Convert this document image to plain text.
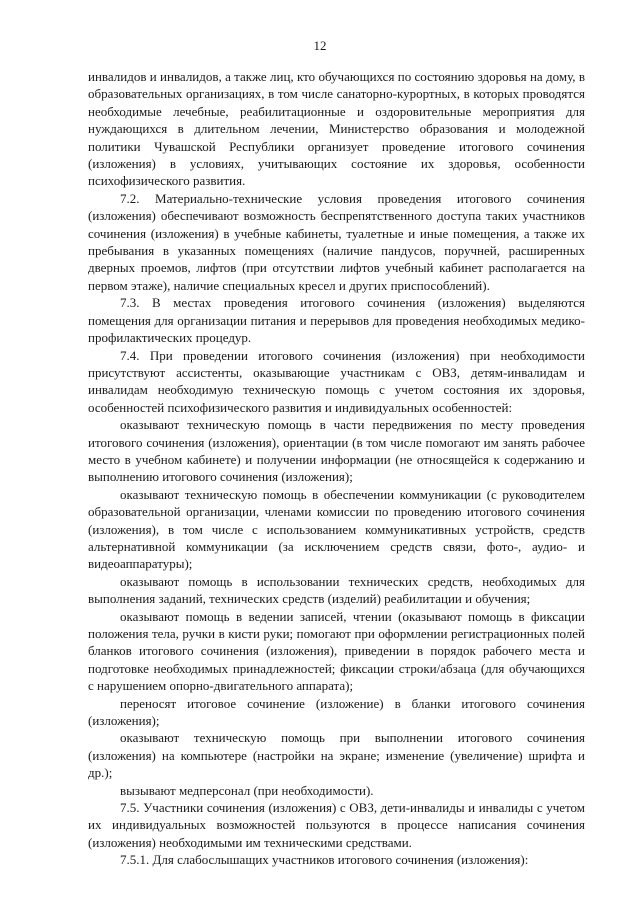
12

инвалидов и инвалидов, а также лиц, кто обучающихся по состоянию здоровья на дому, в образовательных организациях, в том числе санаторно-курортных, в которых проводятся необходимые лечебные, реабилитационные и оздоровительные мероприятия для нуждающихся в длительном лечении, Министерство образования и молодежной политики Чувашской Республики организует проведение итогового сочинения (изложения) в условиях, учитывающих состояние их здоровья, особенности психофизического развития.

7.2. Материально-технические условия проведения итогового сочинения (изложения) обеспечивают возможность беспрепятственного доступа таких участников сочинения (изложения) в учебные кабинеты, туалетные и иные помещения, а также их пребывания в указанных помещениях (наличие пандусов, поручней, расширенных дверных проемов, лифтов (при отсутствии лифтов учебный кабинет располагается на первом этаже), наличие специальных кресел и других приспособлений).

7.3. В местах проведения итогового сочинения (изложения) выделяются помещения для организации питания и перерывов для проведения необходимых медико-профилактических процедур.

7.4. При проведении итогового сочинения (изложения) при необходимости присутствуют ассистенты, оказывающие участникам с ОВЗ, детям-инвалидам и инвалидам необходимую техническую помощь с учетом состояния их здоровья, особенностей психофизического развития и индивидуальных особенностей:

оказывают техническую помощь в части передвижения по месту проведения итогового сочинения (изложения), ориентации (в том числе помогают им занять рабочее место в учебном кабинете) и получении информации (не относящейся к содержанию и выполнению итогового сочинения (изложения);

оказывают техническую помощь в обеспечении коммуникации (с руководителем образовательной организации, членами комиссии по проведению итогового сочинения (изложения), в том числе с использованием коммуникативных устройств, средств альтернативной коммуникации (за исключением средств связи, фото-, аудио- и видеоаппаратуры);

оказывают помощь в использовании технических средств, необходимых для выполнения заданий, технических средств (изделий) реабилитации и обучения;

оказывают помощь в ведении записей, чтении (оказывают помощь в фиксации положения тела, ручки в кисти руки; помогают при оформлении регистрационных полей бланков итогового сочинения (изложения), приведении в порядок рабочего места и подготовке необходимых принадлежностей; фиксации строки/абзаца (для обучающихся с нарушением опорно-двигательного аппарата);

переносят итоговое сочинение (изложение) в бланки итогового сочинения (изложения);

оказывают техническую помощь при выполнении итогового сочинения (изложения) на компьютере (настройки на экране; изменение (увеличение) шрифта и др.);

вызывают медперсонал (при необходимости).

7.5. Участники сочинения (изложения) с ОВЗ, дети-инвалиды и инвалиды с учетом их индивидуальных возможностей пользуются в процессе написания сочинения (изложения) необходимыми им техническими средствами.

7.5.1. Для слабослышащих участников итогового сочинения (изложения):
